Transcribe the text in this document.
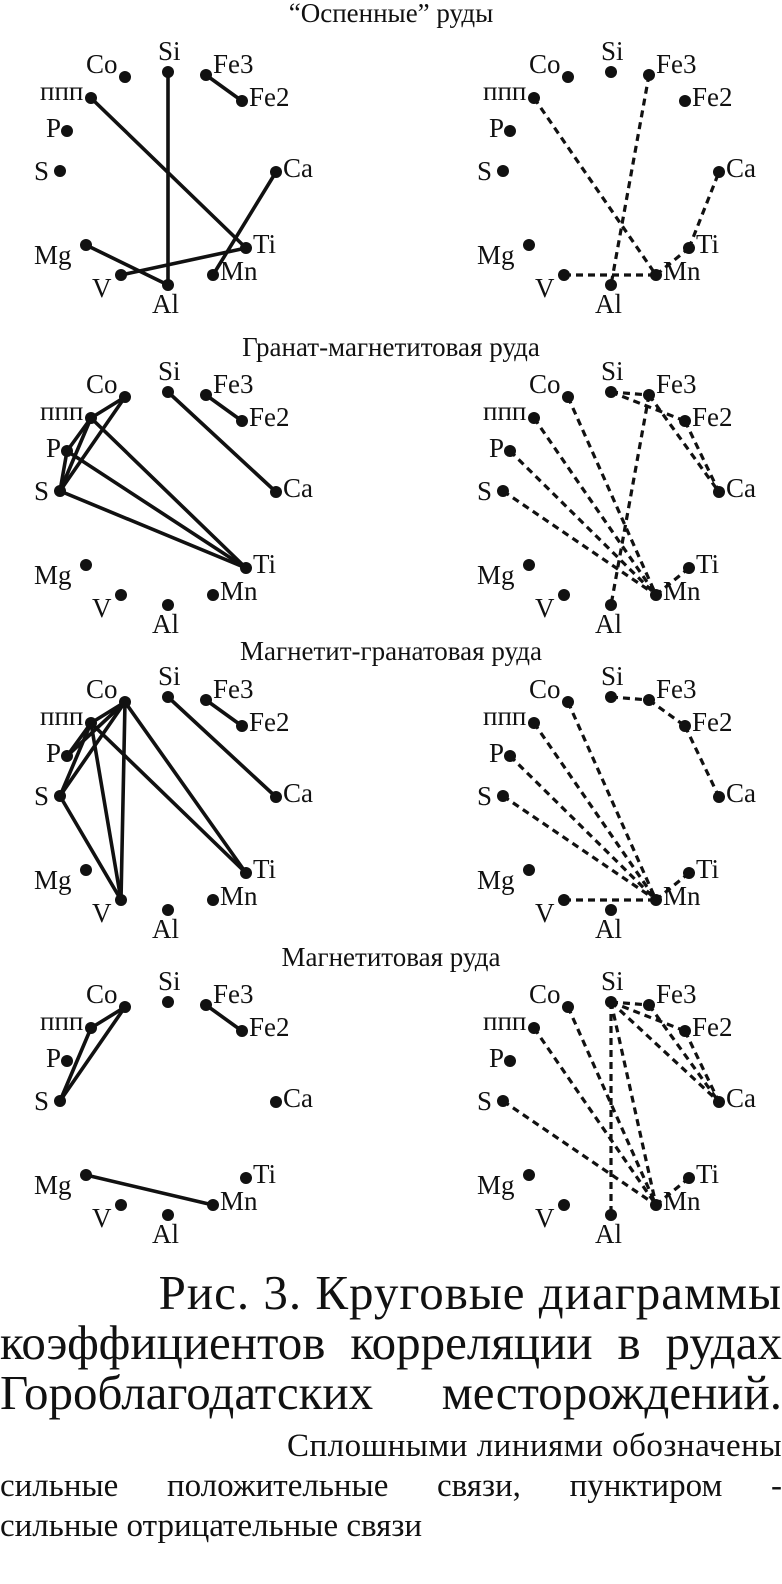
“Оспенные” руды
Si Fe3
Fe2
Ca
Ti
Mn
Al
V
Mg
S
P
ппп
Co	Si Fe3
Fe2
Ca
Ti
Mn
Al
V
Mg
S
P
ппп
Co
Гранат-магнетитовая руда
Si Fe3
Fe2
Ca
Ti
Mn
Al
V
Mg
S
P
ппп
Co	Si Fe3
Fe2
Ca
Ti
Mn
Al
V
Mg
S
P
ппп
Co
Магнетит-гранатовая руда
Si Fe3
Fe2
Ca
Ti
Mn
Al
V
Mg
S
P
ппп
Co	Si Fe3
Fe2
Ca
Ti
Mn
Al
V
Mg
S
P
ппп
Co
Магнетитовая руда
Si Fe3
Fe2
Ca
Ti
Mn
Al
V
Mg
S
P
ппп
Co	Si Fe3
Fe2
Ca
Ti
Mn
Al
V
Mg
S
P
ппп
Co

Рис. 3. Круговые диаграммы

коэффициентов корреляции в рудах

Гороблагодатских месторождений.

Сплошными линиями обозначены

сильные положительные связи, пунктиром -

сильные отрицательные связи
